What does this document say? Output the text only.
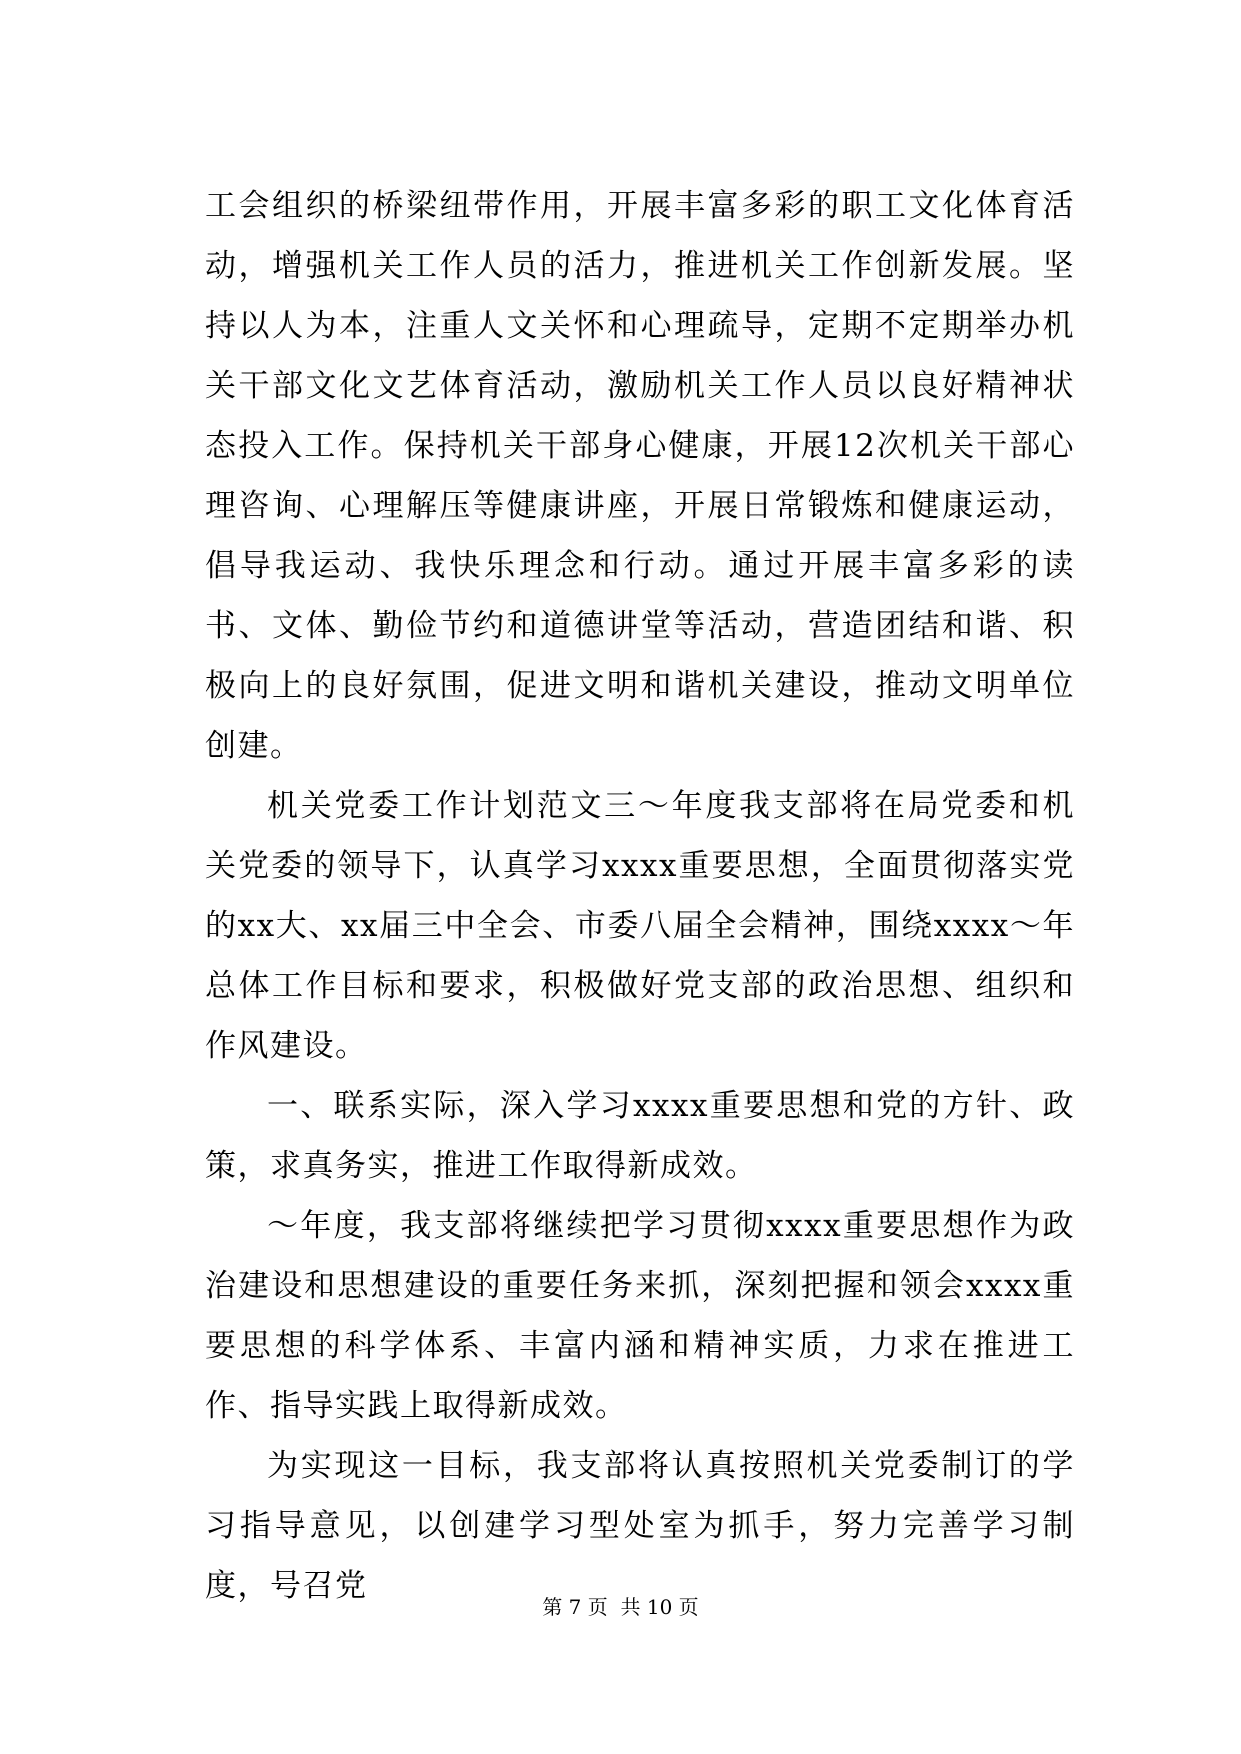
工会组织的桥梁纽带作用，开展丰富多彩的职工文化体育活动，增强机关工作人员的活力，推进机关工作创新发展。坚持以人为本，注重人文关怀和心理疏导，定期不定期举办机关干部文化文艺体育活动，激励机关工作人员以良好精神状态投入工作。保持机关干部身心健康，开展12次机关干部心理咨询、心理解压等健康讲座，开展日常锻炼和健康运动，倡导我运动、我快乐理念和行动。通过开展丰富多彩的读书、文体、勤俭节约和道德讲堂等活动，营造团结和谐、积极向上的良好氛围，促进文明和谐机关建设，推动文明单位创建。

机关党委工作计划范文三～年度我支部将在局党委和机关党委的领导下，认真学习xxxx重要思想，全面贯彻落实党的xx大、xx届三中全会、市委八届全会精神，围绕xxxx～年总体工作目标和要求，积极做好党支部的政治思想、组织和作风建设。

一、联系实际，深入学习xxxx重要思想和党的方针、政策，求真务实，推进工作取得新成效。

～年度，我支部将继续把学习贯彻xxxx重要思想作为政治建设和思想建设的重要任务来抓，深刻把握和领会xxxx重要思想的科学体系、丰富内涵和精神实质，力求在推进工作、指导实践上取得新成效。

为实现这一目标，我支部将认真按照机关党委制订的学习指导意见，以创建学习型处室为抓手，努力完善学习制度，号召党

第 7 页  共 10 页
